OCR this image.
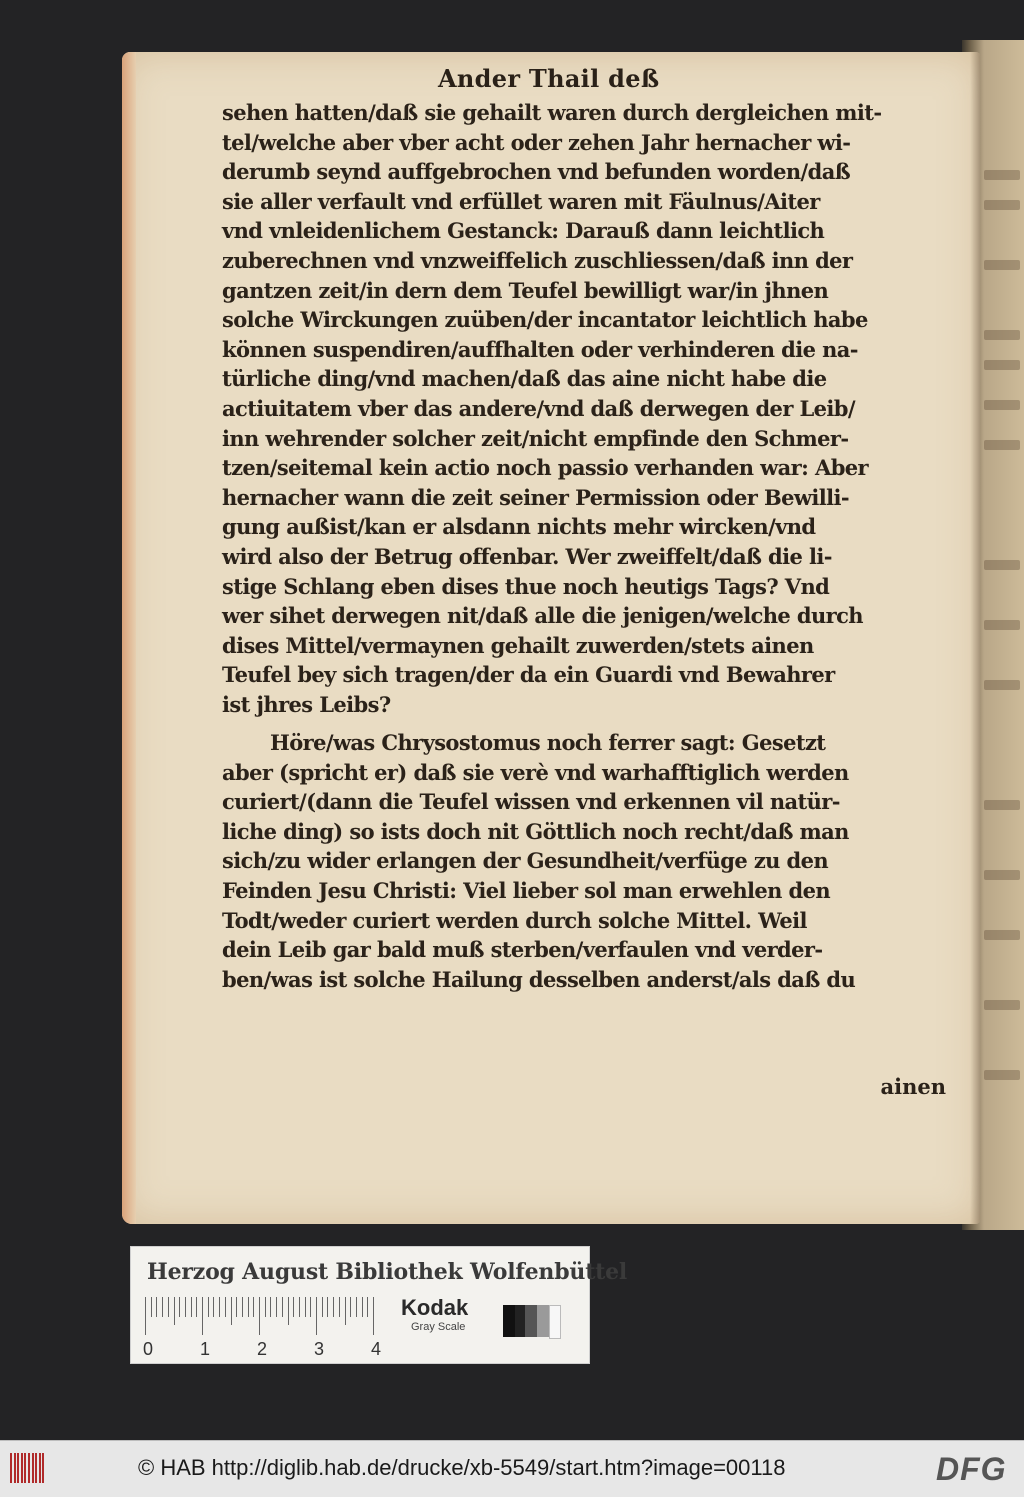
ainen
Ander Thail deß
sehen hatten/daß sie gehailt waren durch dergleichen mit-
tel/welche aber vber acht oder zehen Jahr hernacher wi-
derumb seynd auffgebrochen vnd befunden worden/daß
sie aller verfault vnd erfüllet waren mit Fäulnus/Aiter
vnd vnleidenlichem Gestanck: Darauß dann leichtlich
zuberechnen vnd vnzweiffelich zuschliessen/daß inn der
gantzen zeit/in dern dem Teufel bewilligt war/in jhnen
solche Wirckungen zuüben/der incantator leichtlich habe
können suspendiren/auffhalten oder verhinderen die na-
türliche ding/vnd machen/daß das aine nicht habe die
actiuitatem vber das andere/vnd daß derwegen der Leib/
inn wehrender solcher zeit/nicht empfinde den Schmer-
tzen/seitemal kein actio noch passio verhanden war: Aber
hernacher wann die zeit seiner Permission oder Bewilli-
gung außist/kan er alsdann nichts mehr wircken/vnd
wird also der Betrug offenbar. Wer zweiffelt/daß die li-
stige Schlang eben dises thue noch heutigs Tags? Vnd
wer sihet derwegen nit/daß alle die jenigen/welche durch
dises Mittel/vermaynen gehailt zuwerden/stets ainen
Teufel bey sich tragen/der da ein Guardi vnd Bewahrer
ist jhres Leibs?
Höre/was Chrysostomus noch ferrer sagt: Gesetzt
aber (spricht er) daß sie verè vnd warhafftiglich werden
curiert/(dann die Teufel wissen vnd erkennen vil natür-
liche ding) so ists doch nit Göttlich noch recht/daß man
sich/zu wider erlangen der Gesundheit/verfüge zu den
Feinden Jesu Christi: Viel lieber sol man erwehlen den
Todt/weder curiert werden durch solche Mittel. Weil
dein Leib gar bald muß sterben/verfaulen vnd verder-
ben/was ist solche Hailung desselben anderst/als daß du
Herzog August Bibliothek Wolfenbüttel
0	1	2	3	4
Kodak
Gray Scale
© HAB http://diglib.hab.de/drucke/xb-5549/start.htm?image=00118	DFG
